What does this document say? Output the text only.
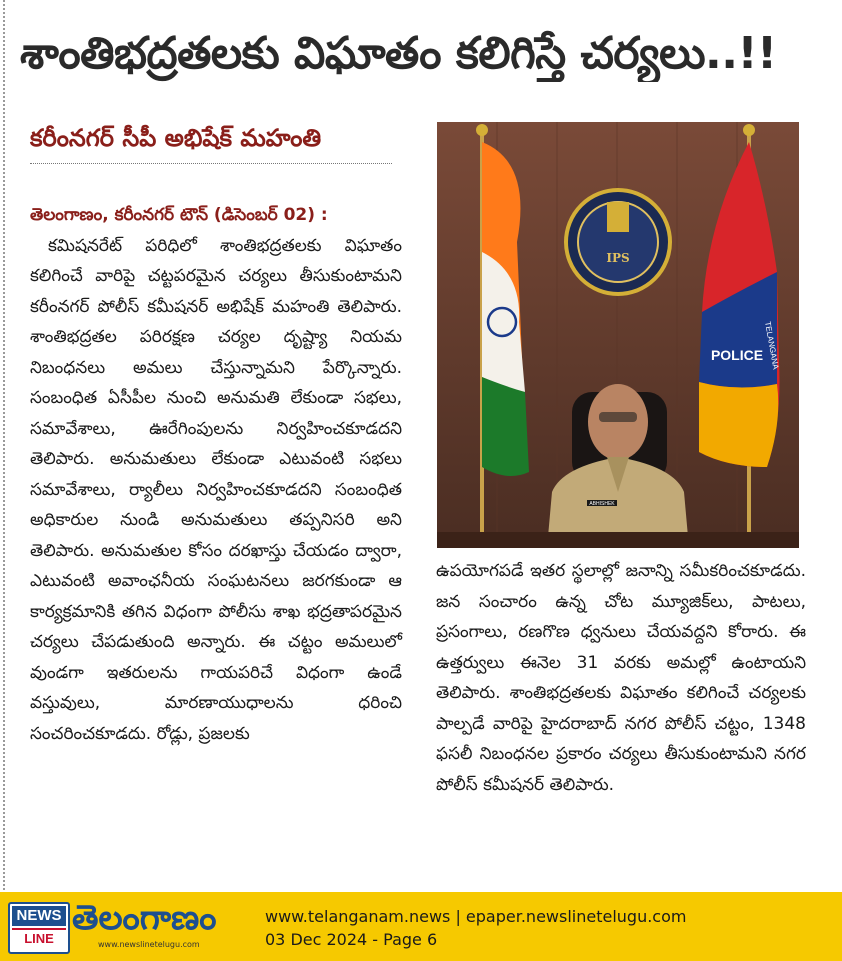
శాంతిభద్రతలకు విఘాతం కలిగిస్తే చర్యలు..!!
కరీంనగర్ సీపీ అభిషేక్ మహంతి
తెలంగాణం, కరీంనగర్ టౌన్ (డిసెంబర్ 02) :

కమిషనరేట్ పరిధిలో శాంతిభద్రతలకు విఘాతం కలిగించే వారిపై చట్టపరమైన చర్యలు తీసుకుంటామని కరీంనగర్ పోలీస్ కమీషనర్ అభిషేక్ మహంతి తెలిపారు. శాంతిభద్రతల పరిరక్షణ చర్యల దృష్ట్యా నియమ నిబంధనలు అమలు చేస్తున్నామని పేర్కొన్నారు. సంబంధిత ఏసీపీల నుంచి అనుమతి లేకుండా సభలు, సమావేశాలు, ఊరేగింపులను నిర్వహించకూడదని తెలిపారు. అనుమతులు లేకుండా ఎటువంటి సభలు సమావేశాలు, ర్యాలీలు నిర్వహించకూడదని సంబంధిత అధికారుల నుండి అనుమతులు తప్పనిసరి అని తెలిపారు. అనుమతుల కోసం దరఖాస్తు చేయడం ద్వారా, ఎటువంటి అవాంఛనీయ సంఘటనలు జరగకుండా ఆ కార్యక్రమానికి తగిన విధంగా పోలీసు శాఖ భద్రతాపరమైన చర్యలు చేపడుతుంది అన్నారు. ఈ చట్టం అమలులో వుండగా ఇతరులను గాయపరిచే విధంగా ఉండే వస్తువులు, మారణాయుధాలను ధరించి సంచరించకూడదు. రోడ్లు, ప్రజలకు

IPS
POLICE TELANGANA
ABHISHEK

ఉపయోగపడే ఇతర స్థలాల్లో జనాన్ని సమీకరించకూడదు. జన సంచారం ఉన్న చోట మ్యూజిక్‌లు, పాటలు, ప్రసంగాలు, రణగొణ ధ్వనులు చేయవద్దని కోరారు. ఈ ఉత్తర్వులు ఈనెల 31 వరకు అమల్లో ఉంటాయని తెలిపారు. శాంతిభద్రతలకు విఘాతం కలిగించే చర్యలకు పాల్పడే వారిపై హైదరాబాద్ నగర పోలీస్ చట్టం, 1348 ఫసలీ నిబంధనల ప్రకారం చర్యలు తీసుకుంటామని నగర పోలీస్ కమీషనర్ తెలిపారు.

NEWS
LINE
తెలంగాణం
www.newslinetelugu.com
www.telanganam.news | epaper.newslinetelugu.com
03 Dec 2024 - Page 6
